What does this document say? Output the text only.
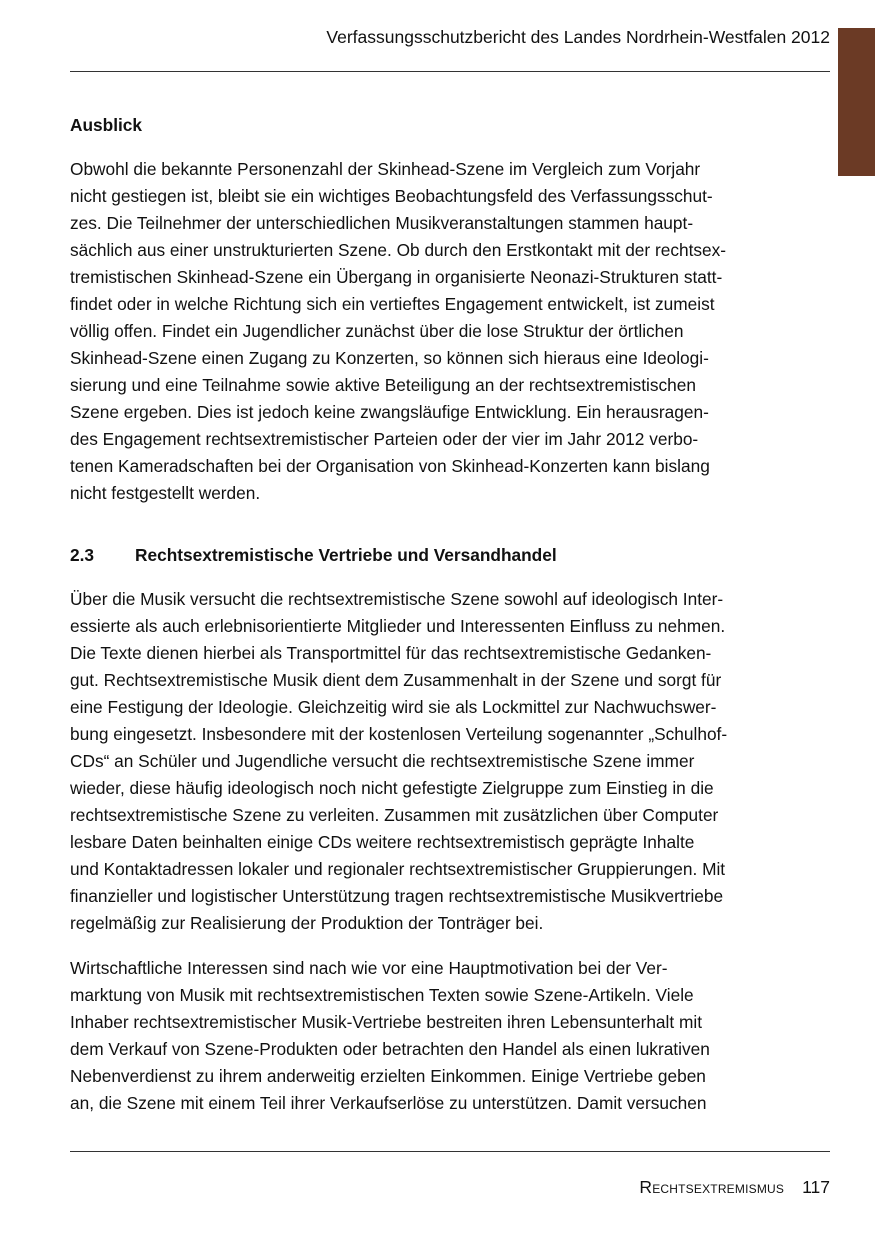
Verfassungsschutzbericht des Landes Nordrhein-Westfalen 2012
Ausblick

Obwohl die bekannte Personenzahl der Skinhead-Szene im Vergleich zum Vorjahr
nicht gestiegen ist, bleibt sie ein wichtiges Beobachtungsfeld des Verfassungsschut-
zes. Die Teilnehmer der unterschiedlichen Musikveranstaltungen stammen haupt-
sächlich aus einer unstrukturierten Szene. Ob durch den Erstkontakt mit der rechtsex-
tremistischen Skinhead-Szene ein Übergang in organisierte Neonazi-Strukturen statt-
findet oder in welche Richtung sich ein vertieftes Engagement entwickelt, ist zumeist
völlig offen. Findet ein Jugendlicher zunächst über die lose Struktur der örtlichen
Skinhead-Szene einen Zugang zu Konzerten, so können sich hieraus eine Ideologi-
sierung und eine Teilnahme sowie aktive Beteiligung an der rechtsextremistischen
Szene ergeben. Dies ist jedoch keine zwangsläufige Entwicklung. Ein herausragen-
des Engagement rechtsextremistischer Parteien oder der vier im Jahr 2012 verbo-
tenen Kameradschaften bei der Organisation von Skinhead-Konzerten kann bislang
nicht festgestellt werden.

2.3 Rechtsextremistische Vertriebe und Versandhandel

Über die Musik versucht die rechtsextremistische Szene sowohl auf ideologisch Inter-
essierte als auch erlebnisorientierte Mitglieder und Interessenten Einfluss zu nehmen.
Die Texte dienen hierbei als Transportmittel für das rechtsextremistische Gedanken-
gut. Rechtsextremistische Musik dient dem Zusammenhalt in der Szene und sorgt für
eine Festigung der Ideologie. Gleichzeitig wird sie als Lockmittel zur Nachwuchswer-
bung eingesetzt. Insbesondere mit der kostenlosen Verteilung sogenannter „Schulhof-
CDs“ an Schüler und Jugendliche versucht die rechtsextremistische Szene immer
wieder, diese häufig ideologisch noch nicht gefestigte Zielgruppe zum Einstieg in die
rechtsextremistische Szene zu verleiten. Zusammen mit zusätzlichen über Computer
lesbare Daten beinhalten einige CDs weitere rechtsextremistisch geprägte Inhalte
und Kontaktadressen lokaler und regionaler rechtsextremistischer Gruppierungen. Mit
finanzieller und logistischer Unterstützung tragen rechtsextremistische Musikvertriebe
regelmäßig zur Realisierung der Produktion der Tonträger bei.

Wirtschaftliche Interessen sind nach wie vor eine Hauptmotivation bei der Ver-
marktung von Musik mit rechtsextremistischen Texten sowie Szene-Artikeln. Viele
Inhaber rechtsextremistischer Musik-Vertriebe bestreiten ihren Lebensunterhalt mit
dem Verkauf von Szene-Produkten oder betrachten den Handel als einen lukrativen
Nebenverdienst zu ihrem anderweitig erzielten Einkommen. Einige Vertriebe geben
an, die Szene mit einem Teil ihrer Verkaufserlöse zu unterstützen. Damit versuchen

Rechtsextremismus 117
